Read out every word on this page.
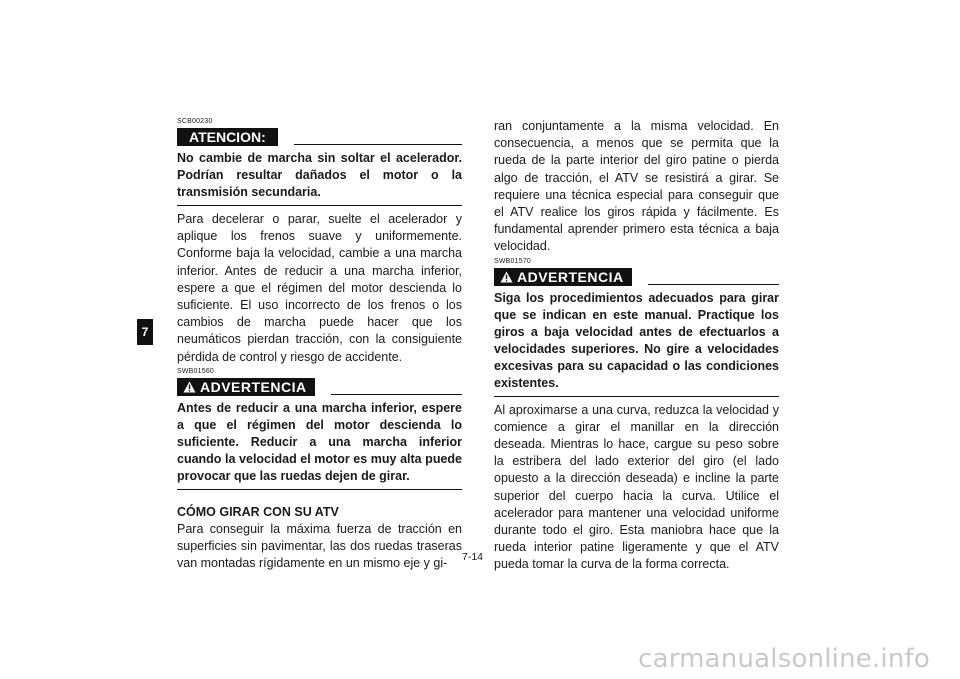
7

SCB00230

ATENCION:

No cambie de marcha sin soltar el acelerador. Podrían resultar dañados el motor o la transmisión secundaria.

Para decelerar o parar, suelte el acelerador y aplique los frenos suave y uniformemente. Conforme baja la velocidad, cambie a una marcha inferior. Antes de reducir a una marcha inferior, espere a que el régimen del motor descienda lo suficiente. El uso incorrecto de los frenos o los cambios de marcha puede hacer que los neumáticos pierdan tracción, con la consiguiente pérdida de control y riesgo de accidente.

SWB01560

ADVERTENCIA

Antes de reducir a una marcha inferior, espere a que el régimen del motor descienda lo suficiente. Reducir a una marcha inferior cuando la velocidad el motor es muy alta puede provocar que las ruedas dejen de girar.

CÓMO GIRAR CON SU ATV

Para conseguir la máxima fuerza de tracción en superficies sin pavimentar, las dos ruedas traseras van montadas rígidamente en un mismo eje y gi-

ran conjuntamente a la misma velocidad. En consecuencia, a menos que se permita que la rueda de la parte interior del giro patine o pierda algo de tracción, el ATV se resistirá a girar. Se requiere una técnica especial para conseguir que el ATV realice los giros rápida y fácilmente. Es fundamental aprender primero esta técnica a baja velocidad.

SWB01570

ADVERTENCIA

Siga los procedimientos adecuados para girar que se indican en este manual. Practique los giros a baja velocidad antes de efectuarlos a velocidades superiores. No gire a velocidades excesivas para su capacidad o las condiciones existentes.

Al aproximarse a una curva, reduzca la velocidad y comience a girar el manillar en la dirección deseada. Mientras lo hace, cargue su peso sobre la estribera del lado exterior del giro (el lado opuesto a la dirección deseada) e incline la parte superior del cuerpo hacia la curva. Utilice el acelerador para mantener una velocidad uniforme durante todo el giro. Esta maniobra hace que la rueda interior patine ligeramente y que el ATV pueda tomar la curva de la forma correcta.

7-14
carmanualsonline.info
